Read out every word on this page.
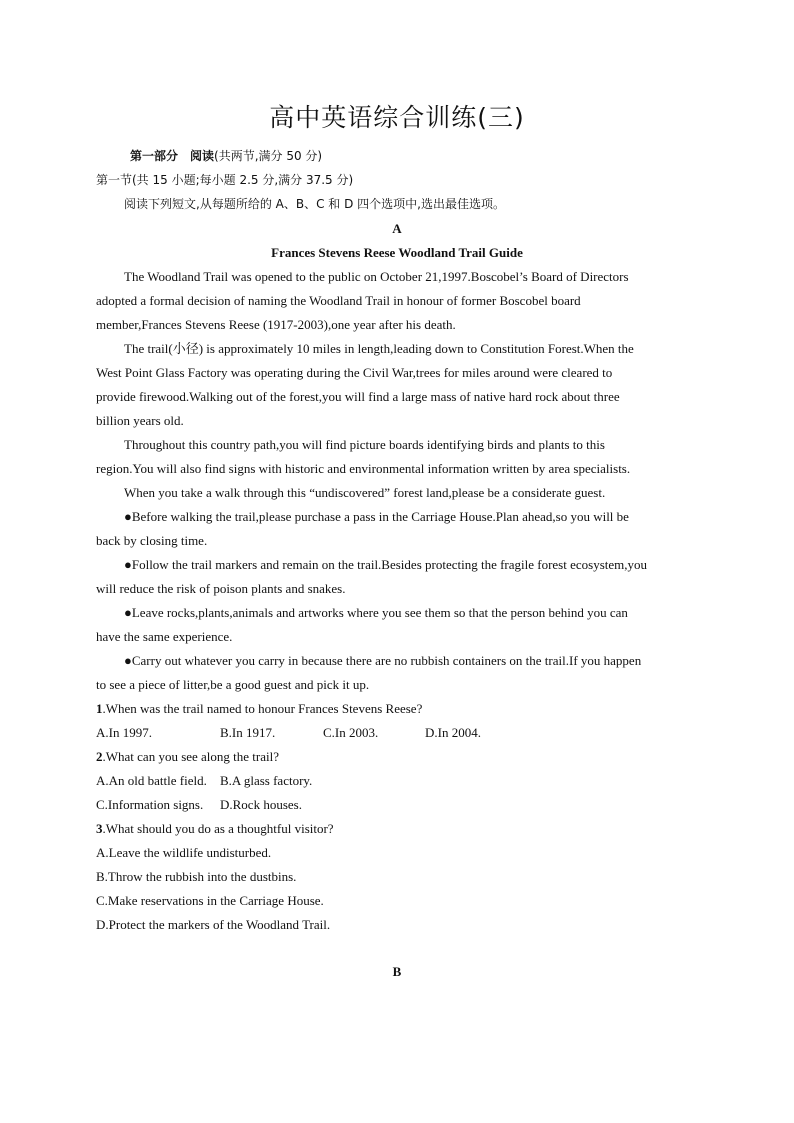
高中英语综合训练(三)
第一部分　阅读(共两节,满分 50 分)
第一节(共 15 小题;每小题 2.5 分,满分 37.5 分)
阅读下列短文,从每题所给的 A、B、C 和 D 四个选项中,选出最佳选项。
A
Frances Stevens Reese Woodland Trail Guide
The Woodland Trail was opened to the public on October 21,1997.Boscobel’s Board of Directors
adopted a formal decision of naming the Woodland Trail in honour of former Boscobel board
member,Frances Stevens Reese (1917-2003),one year after his death.
The trail(小径) is approximately 10 miles in length,leading down to Constitution Forest.When the
West Point Glass Factory was operating during the Civil War,trees for miles around were cleared to
provide firewood.Walking out of the forest,you will find a large mass of native hard rock about three
billion years old.
Throughout this country path,you will find picture boards identifying birds and plants to this
region.You will also find signs with historic and environmental information written by area specialists.
When you take a walk through this “undiscovered” forest land,please be a considerate guest.
●Before walking the trail,please purchase a pass in the Carriage House.Plan ahead,so you will be
back by closing time.
●Follow the trail markers and remain on the trail.Besides protecting the fragile forest ecosystem,you
will reduce the risk of poison plants and snakes.
●Leave rocks,plants,animals and artworks where you see them so that the person behind you can
have the same experience.
●Carry out whatever you carry in because there are no rubbish containers on the trail.If you happen
to see a piece of litter,be a good guest and pick it up.
1.When was the trail named to honour Frances Stevens Reese?
A.In 1997.	B.In 1917.	C.In 2003.	D.In 2004.
2.What can you see along the trail?
A.An old battle field. B.A glass factory.
C.Information signs. D.Rock houses.
3.What should you do as a thoughtful visitor?
A.Leave the wildlife undisturbed.
B.Throw the rubbish into the dustbins.
C.Make reservations in the Carriage House.
D.Protect the markers of the Woodland Trail.
B
